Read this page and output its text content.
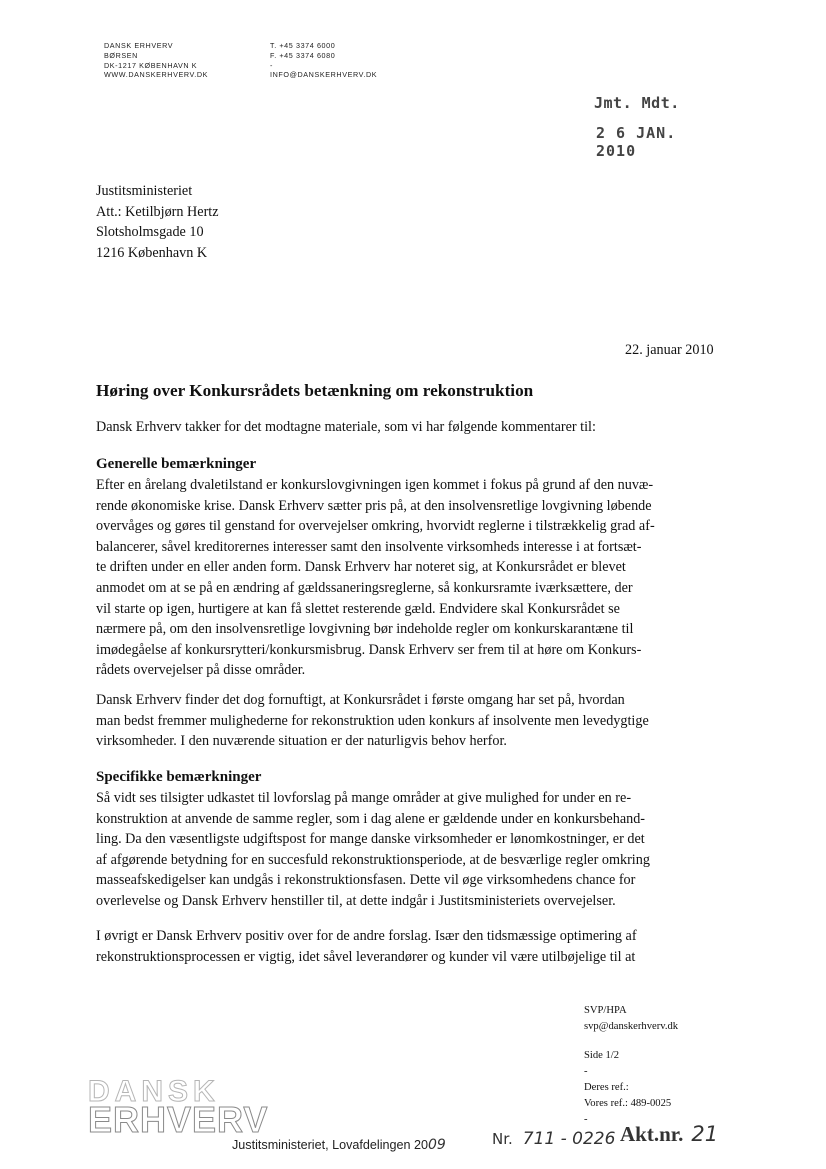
DANSK ERHVERV
BØRSEN
DK-1217 KØBENHAVN K
WWW.DANSKERHVERV.DK
T. +45 3374 6000
F. +45 3374 6080
-
INFO@DANSKERHVERV.DK
Jmt. Mdt.
2 6 JAN. 2010
Justitsministeriet
Att.: Ketilbjørn Hertz
Slotsholmsgade 10
1216 København K
22. januar 2010
Høring over Konkursrådets betænkning om rekonstruktion
Dansk Erhverv takker for det modtagne materiale, som vi har følgende kommentarer til:
Generelle bemærkninger
Efter en årelang dvaletilstand er konkurslovgivningen igen kommet i fokus på grund af den nuvæ-
rende økonomiske krise. Dansk Erhverv sætter pris på, at den insolvensretlige lovgivning løbende
overvåges og gøres til genstand for overvejelser omkring, hvorvidt reglerne i tilstrækkelig grad af-
balancerer, såvel kreditorernes interesser samt den insolvente virksomheds interesse i at fortsæt-
te driften under en eller anden form. Dansk Erhverv har noteret sig, at Konkursrådet er blevet
anmodet om at se på en ændring af gældssaneringsreglerne, så konkursramte iværksættere, der
vil starte op igen, hurtigere at kan få slettet resterende gæld. Endvidere skal Konkursrådet se
nærmere på, om den insolvensretlige lovgivning bør indeholde regler om konkurskarantæne til
imødegåelse af konkursrytteri/konkursmisbrug. Dansk Erhverv ser frem til at høre om Konkurs-
rådets overvejelser på disse områder.
Dansk Erhverv finder det dog fornuftigt, at Konkursrådet i første omgang har set på, hvordan
man bedst fremmer mulighederne for rekonstruktion uden konkurs af insolvente men levedygtige
virksomheder. I den nuværende situation er der naturligvis behov herfor.
Specifikke bemærkninger
Så vidt ses tilsigter udkastet til lovforslag på mange områder at give mulighed for under en re-
konstruktion at anvende de samme regler, som i dag alene er gældende under en konkursbehand-
ling. Da den væsentligste udgiftspost for mange danske virksomheder er lønomkostninger, er det
af afgørende betydning for en succesfuld rekonstruktionsperiode, at de besværlige regler omkring
masseafskedigelser kan undgås i rekonstruktionsfasen. Dette vil øge virksomhedens chance for
overlevelse og Dansk Erhverv henstiller til, at dette indgår i Justitsministeriets overvejelser.
I øvrigt er Dansk Erhverv positiv over for de andre forslag. Især den tidsmæssige optimering af
rekonstruktionsprocessen er vigtig, idet såvel leverandører og kunder vil være utilbøjelige til at
SVP/HPA
svp@danskerhverv.dk
Side 1/2
-
Deres ref.:
Vores ref.: 489-0025
-
DANSK
ERHVERV
Justitsministeriet, Lovafdelingen 2009	Nr. 711 - 0226 Akt.nr. 21
